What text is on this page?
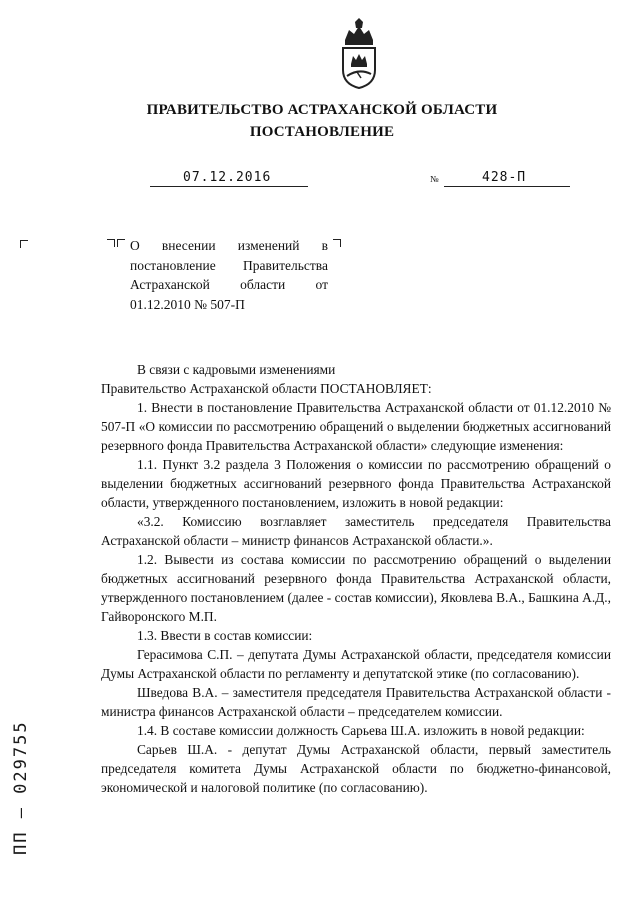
ПРАВИТЕЛЬСТВО АСТРАХАНСКОЙ ОБЛАСТИ
ПОСТАНОВЛЕНИЕ
07.12.2016	№	428-П
О внесении изменений в
постановление Правительства
Астраханской области от
01.12.2010 № 507-П

В связи с кадровыми изменениями

Правительство Астраханской области ПОСТАНОВЛЯЕТ:

1. Внести в постановление Правительства Астраханской области от 01.12.2010 № 507-П «О комиссии по рассмотрению обращений о выделении бюджетных ассигнований резервного фонда Правительства Астраханской области» следующие изменения:

1.1. Пункт 3.2 раздела 3 Положения о комиссии по рассмотрению обращений о выделении бюджетных ассигнований резервного фонда Правительства Астраханской области, утвержденного постановлением, изложить в новой редакции:

«3.2. Комиссию возглавляет заместитель председателя Правительства Астраханской области – министр финансов Астраханской области.».

1.2. Вывести из состава комиссии по рассмотрению обращений о выделении бюджетных ассигнований резервного фонда Правительства Астраханской области, утвержденного постановлением (далее - состав комиссии), Яковлева В.А., Башкина А.Д., Гайворонского М.П.

1.3. Ввести в состав комиссии:

Герасимова С.П. – депутата Думы Астраханской области, председателя комиссии Думы Астраханской области по регламенту и депутатской этике (по согласованию).

Шведова В.А. – заместителя председателя Правительства Астраханской области - министра финансов Астраханской области – председателем комиссии.

1.4. В составе комиссии должность Сарьева Ш.А. изложить в новой редакции:

Сарьев Ш.А. - депутат Думы Астраханской области, первый заместитель председателя комитета Думы Астраханской области по бюджетно-финансовой, экономической и налоговой политике (по согласованию).

ПП – 029755
